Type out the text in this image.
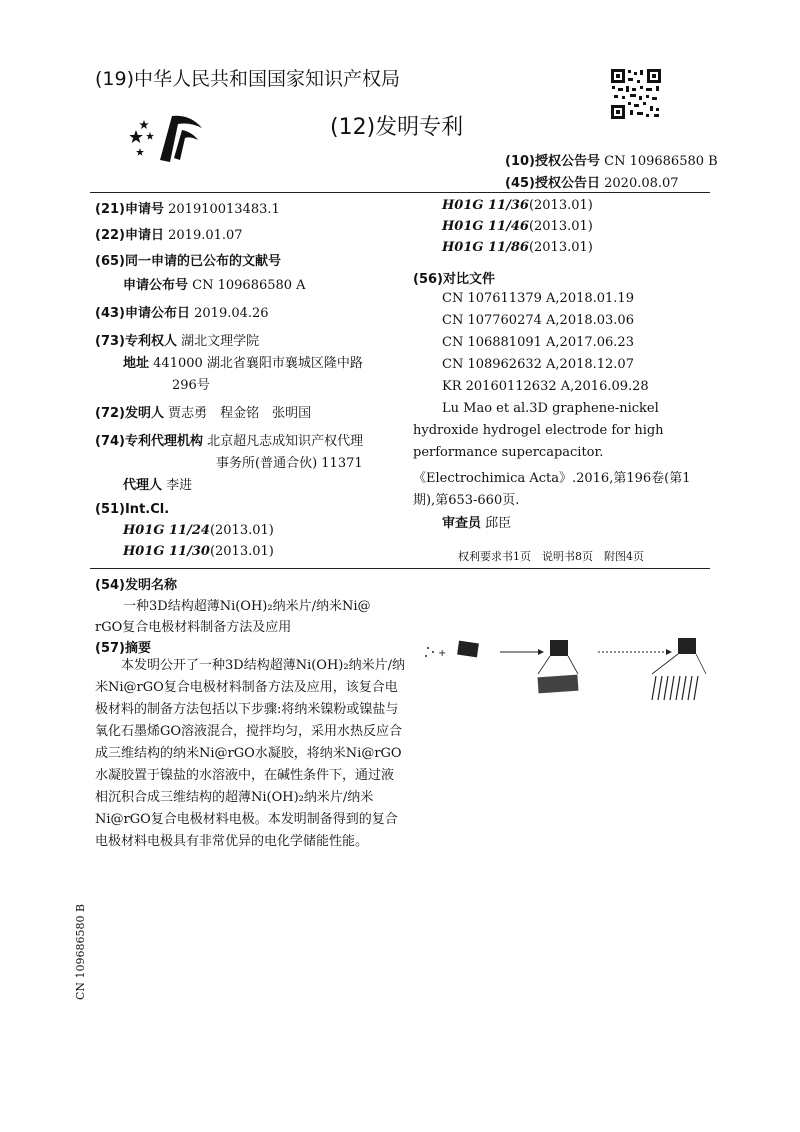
(19)中华人民共和国国家知识产权局
(12)发明专利
(10)授权公告号 CN 109686580 B
(45)授权公告日 2020.08.07
(21)申请号 201910013483.1
(22)申请日 2019.01.07
(65)同一申请的已公布的文献号
申请公布号 CN 109686580 A
(43)申请公布日 2019.04.26
(73)专利权人 湖北文理学院
地址 441000 湖北省襄阳市襄城区隆中路
296号
(72)发明人 贾志勇　程金铭　张明国
(74)专利代理机构 北京超凡志成知识产权代理
事务所(普通合伙) 11371
代理人 李进
(51)Int.Cl.
H01G 11/24(2013.01)
H01G 11/30(2013.01)
H01G 11/36(2013.01)
H01G 11/46(2013.01)
H01G 11/86(2013.01)
(56)对比文件
CN 107611379 A,2018.01.19
CN 107760274 A,2018.03.06
CN 106881091 A,2017.06.23
CN 108962632 A,2018.12.07
KR 20160112632 A,2016.09.28
Lu Mao et al.3D graphene-nickel
hydroxide hydrogel electrode for high
performance supercapacitor.
《Electrochimica Acta》.2016,第196卷(第1
期),第653-660页.
审查员 邱臣
权利要求书1页　说明书8页　附图4页
(54)发明名称
一种3D结构超薄Ni(OH)₂纳米片/纳米Ni@
rGO复合电极材料制备方法及应用
(57)摘要
本发明公开了一种3D结构超薄Ni(OH)₂纳米片/纳米Ni@rGO复合电极材料制备方法及应用，该复合电极材料的制备方法包括以下步骤:将纳米镍粉或镍盐与氧化石墨烯GO溶液混合，搅拌均匀，采用水热反应合成三维结构的纳米Ni@rGO水凝胶，将纳米Ni@rGO水凝胶置于镍盐的水溶液中，在碱性条件下，通过液相沉积合成三维结构的超薄Ni(OH)₂纳米片/纳米Ni@rGO复合电极材料电极。本发明制备得到的复合电极材料电极具有非常优异的电化学储能性能。
+
CN 109686580 B
